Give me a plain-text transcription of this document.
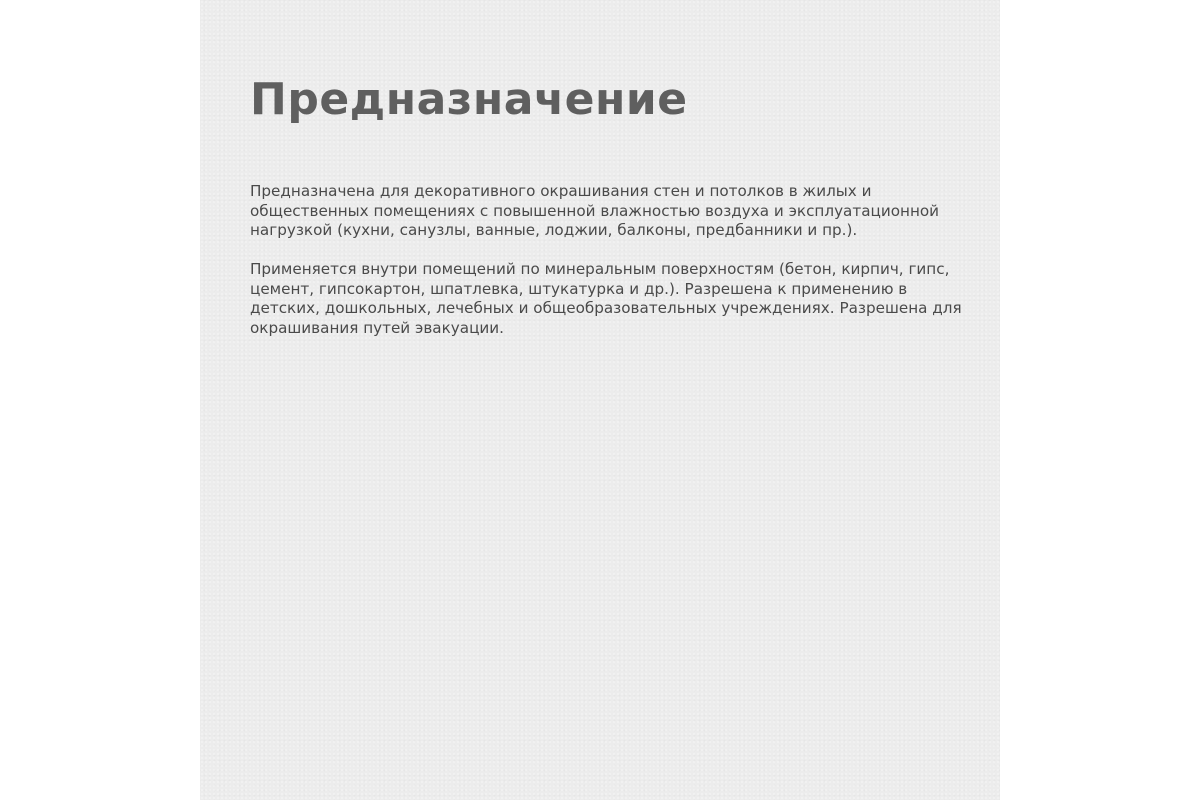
Предназначение

Предназначена для декоративного окрашивания стен и потолков в жилых и общественных помещениях с повышенной влажностью воздуха и эксплуатационной нагрузкой (кухни, санузлы, ванные, лоджии, балконы, предбанники и пр.).

Применяется внутри помещений по минеральным поверхностям (бетон, кирпич, гипс, цемент, гипсокартон, шпатлевка, штукатурка и др.). Разрешена к применению в детских, дошкольных, лечебных и общеобразовательных учреждениях. Разрешена для окрашивания путей эвакуации.
